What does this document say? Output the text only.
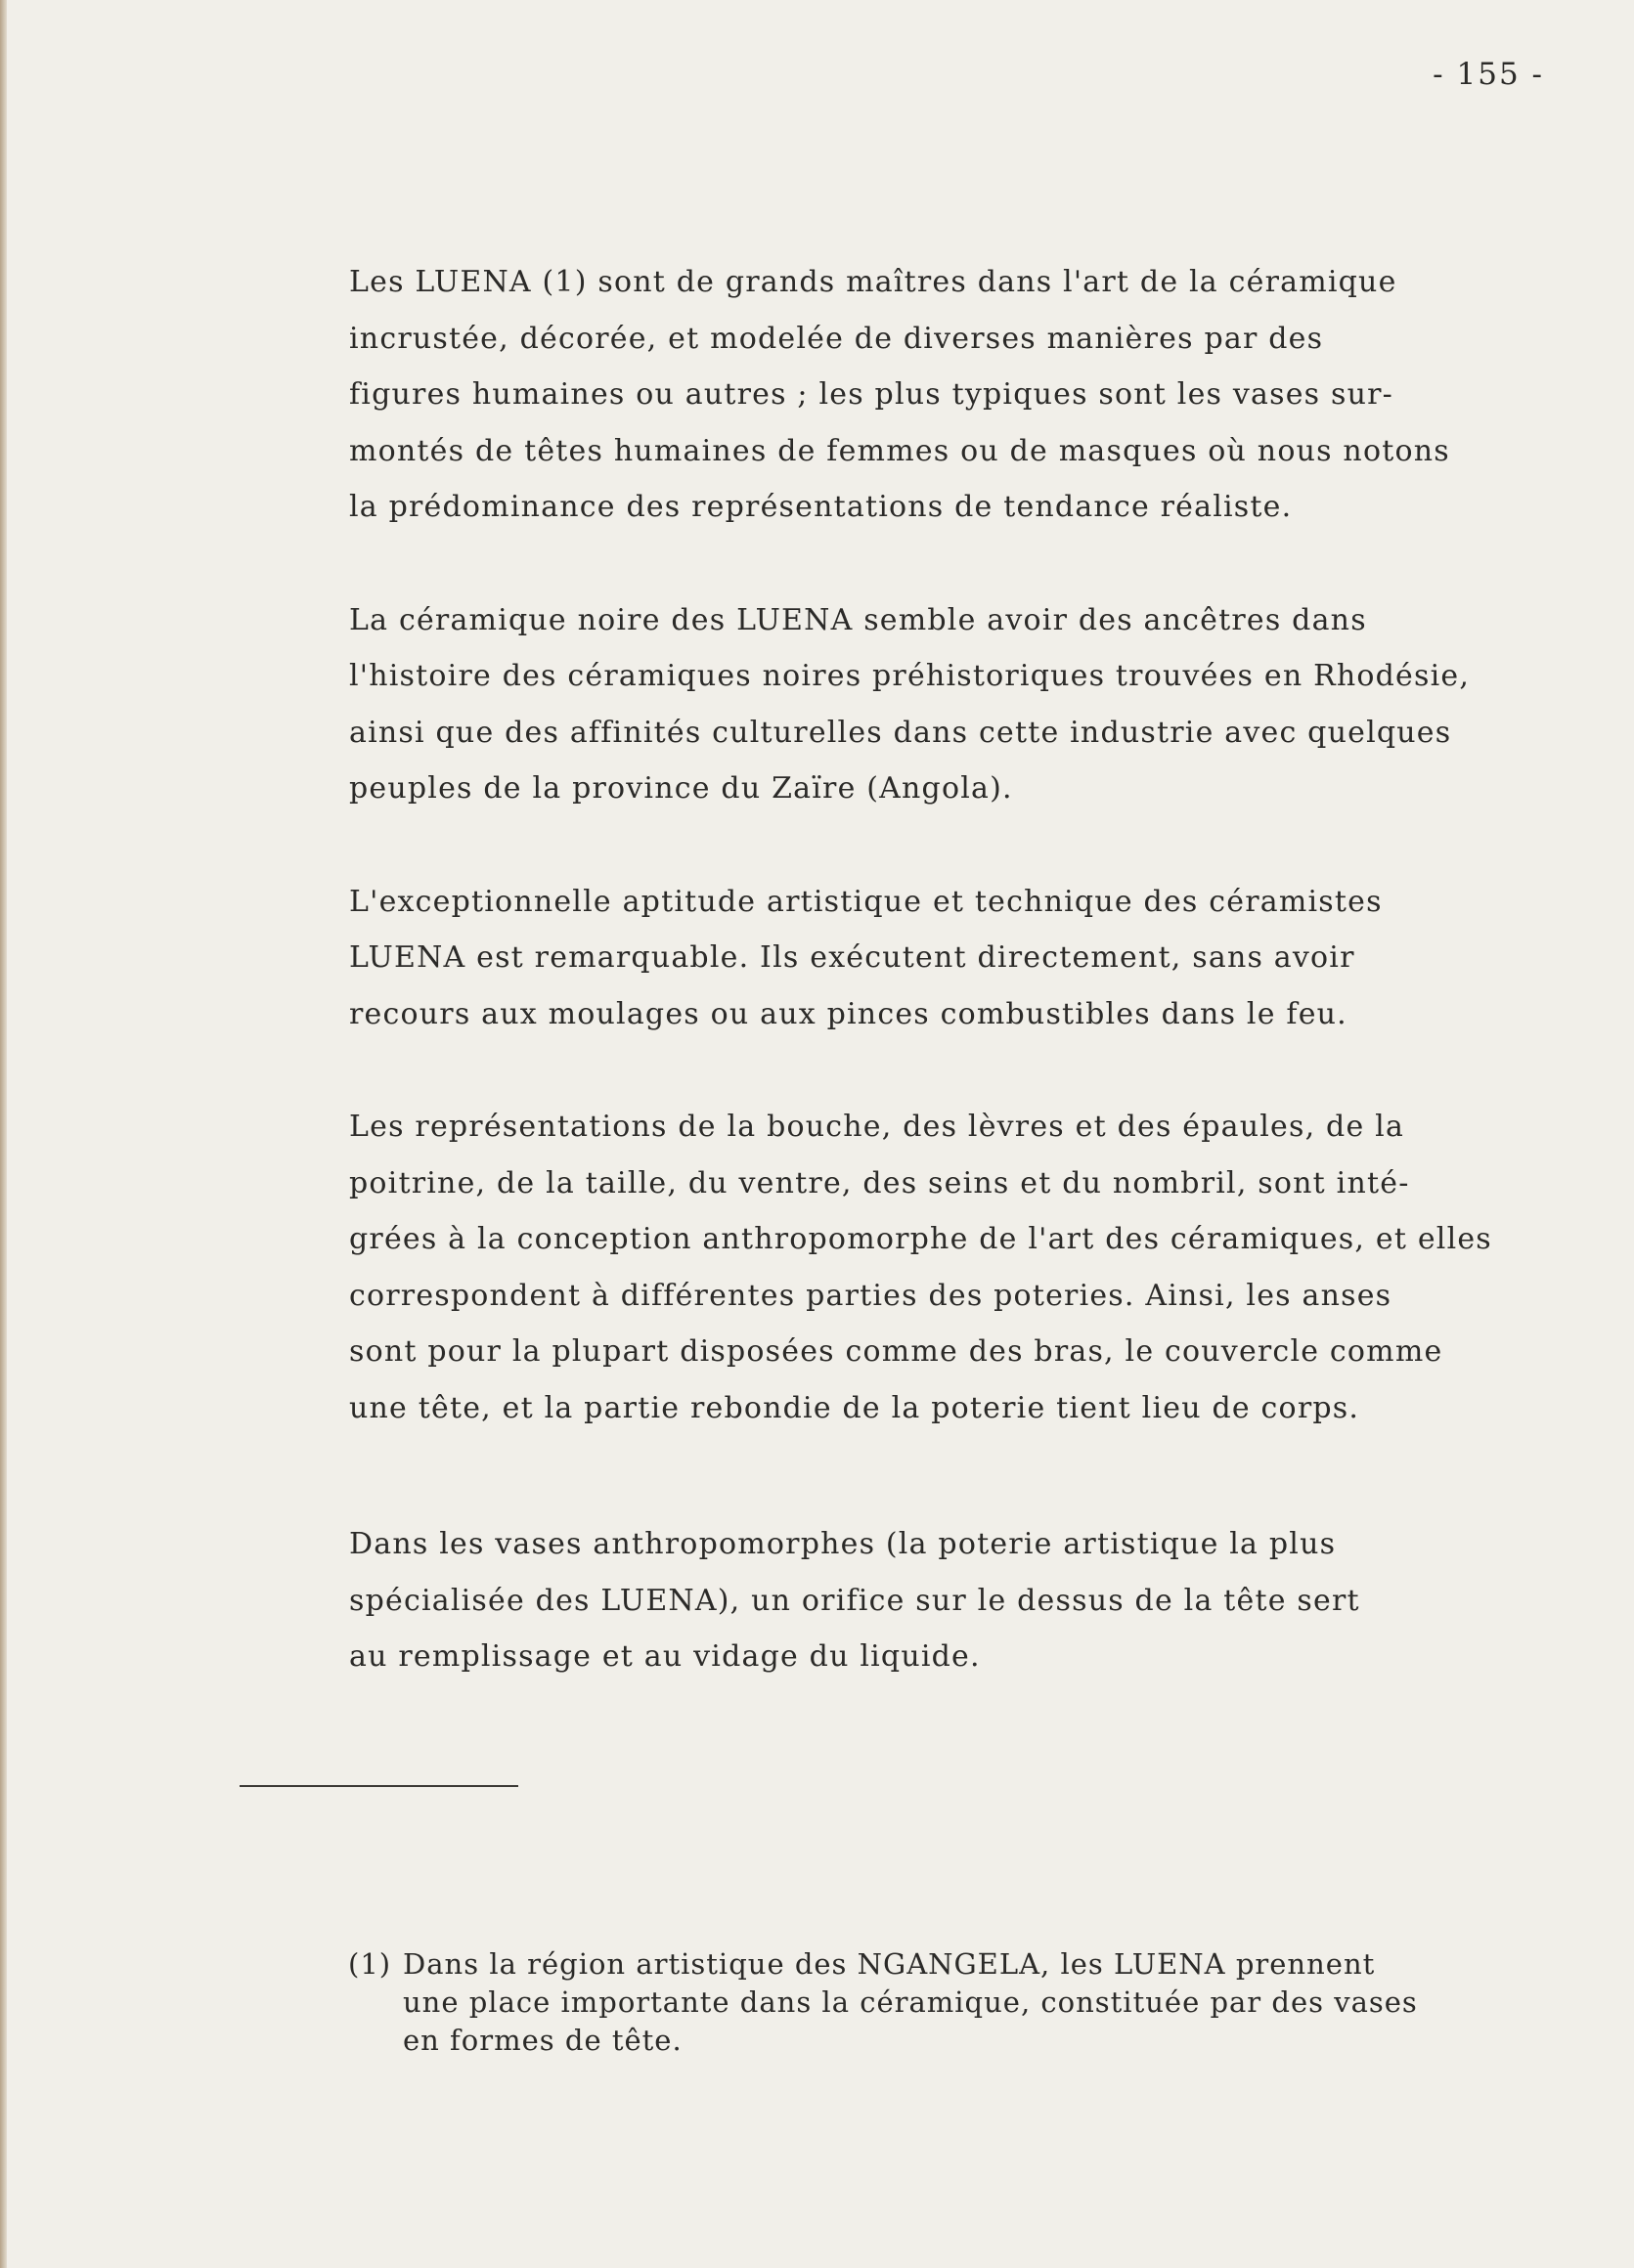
- 155 -
Les LUENA (1) sont de grands maîtres dans l'art de la céramique
incrustée, décorée, et modelée de diverses manières par des
figures humaines ou autres ; les plus typiques sont les vases sur-
montés de têtes humaines de femmes ou de masques où nous notons
la prédominance des représentations de tendance réaliste.
La céramique noire des LUENA semble avoir des ancêtres dans
l'histoire des céramiques noires préhistoriques trouvées en Rhodésie,
ainsi que des affinités culturelles dans cette industrie avec quelques
peuples de la province du Zaïre (Angola).
L'exceptionnelle aptitude artistique et technique des céramistes
LUENA est remarquable. Ils exécutent directement, sans avoir
recours aux moulages ou aux pinces combustibles dans le feu.
Les représentations de la bouche, des lèvres et des épaules, de la
poitrine, de la taille, du ventre, des seins et du nombril, sont inté-
grées à la conception anthropomorphe de l'art des céramiques, et elles
correspondent à différentes parties des poteries. Ainsi, les anses
sont pour la plupart disposées comme des bras, le couvercle comme
une tête, et la partie rebondie de la poterie tient lieu de corps.
Dans les vases anthropomorphes (la poterie artistique la plus
spécialisée des LUENA), un orifice sur le dessus de la tête sert
au remplissage et au vidage du liquide.
(1) Dans la région artistique des NGANGELA, les LUENA prennent
une place importante dans la céramique, constituée par des vases
en formes de tête.
